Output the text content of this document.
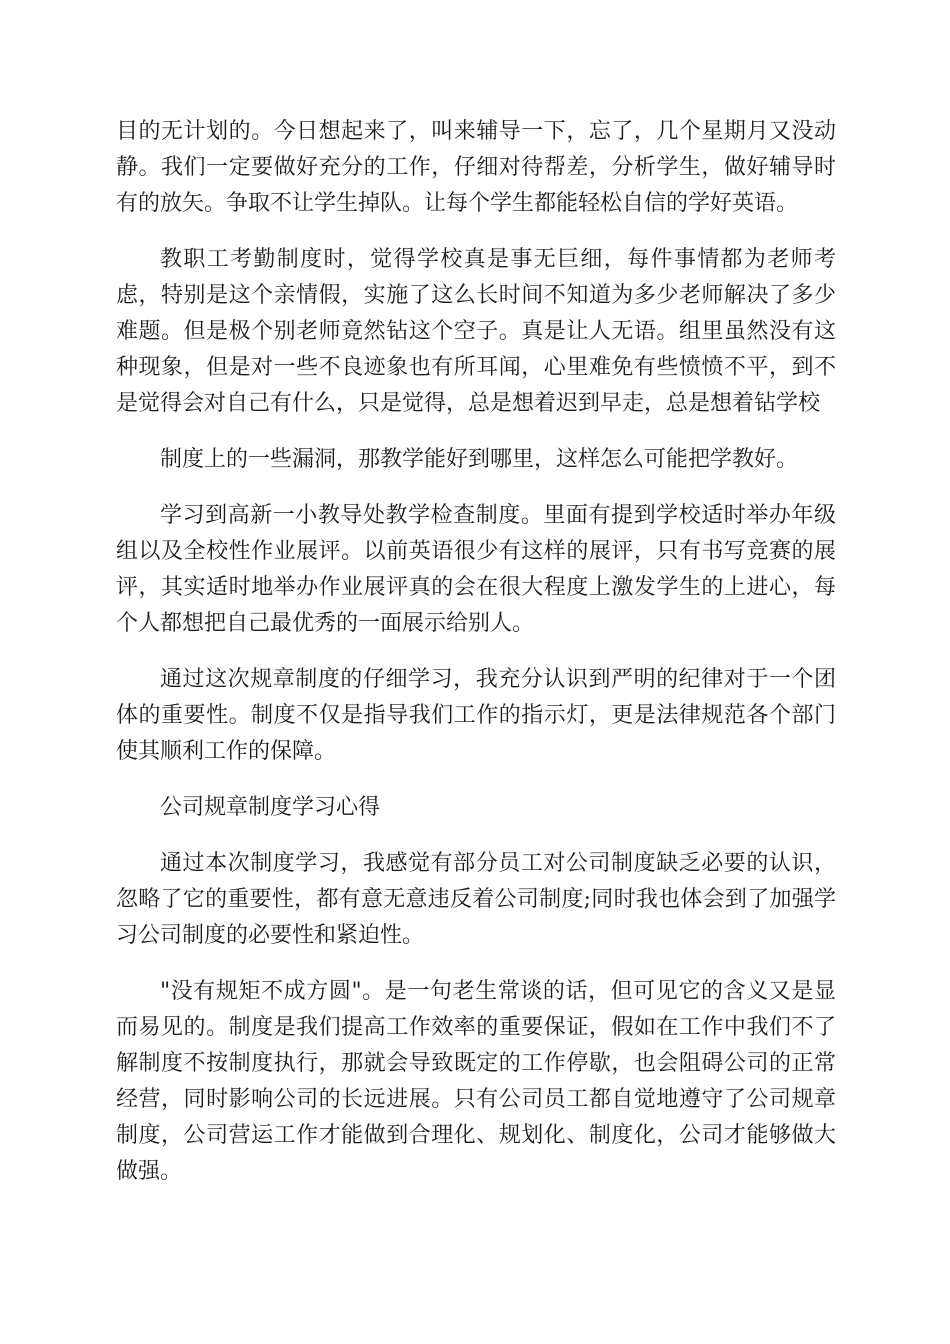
目的无计划的。今日想起来了，叫来辅导一下，忘了，几个星期月又没动静。我们一定要做好充分的工作，仔细对待帮差，分析学生，做好辅导时有的放矢。争取不让学生掉队。让每个学生都能轻松自信的学好英语。

教职工考勤制度时，觉得学校真是事无巨细，每件事情都为老师考虑，特别是这个亲情假，实施了这么长时间不知道为多少老师解决了多少难题。但是极个别老师竟然钻这个空子。真是让人无语。组里虽然没有这种现象，但是对一些不良迹象也有所耳闻，心里难免有些愤愤不平，到不是觉得会对自己有什么，只是觉得，总是想着迟到早走，总是想着钻学校

制度上的一些漏洞，那教学能好到哪里，这样怎么可能把学教好。

学习到高新一小教导处教学检查制度。里面有提到学校适时举办年级组以及全校性作业展评。以前英语很少有这样的展评，只有书写竞赛的展评，其实适时地举办作业展评真的会在很大程度上激发学生的上进心，每个人都想把自己最优秀的一面展示给别人。

通过这次规章制度的仔细学习，我充分认识到严明的纪律对于一个团体的重要性。制度不仅是指导我们工作的指示灯，更是法律规范各个部门使其顺利工作的保障。

公司规章制度学习心得

通过本次制度学习，我感觉有部分员工对公司制度缺乏必要的认识，忽略了它的重要性，都有意无意违反着公司制度;同时我也体会到了加强学习公司制度的必要性和紧迫性。

"没有规矩不成方圆"。是一句老生常谈的话，但可见它的含义又是显而易见的。制度是我们提高工作效率的重要保证，假如在工作中我们不了解制度不按制度执行，那就会导致既定的工作停歇，也会阻碍公司的正常经营，同时影响公司的长远进展。只有公司员工都自觉地遵守了公司规章制度，公司营运工作才能做到合理化、规划化、制度化，公司才能够做大做强。
